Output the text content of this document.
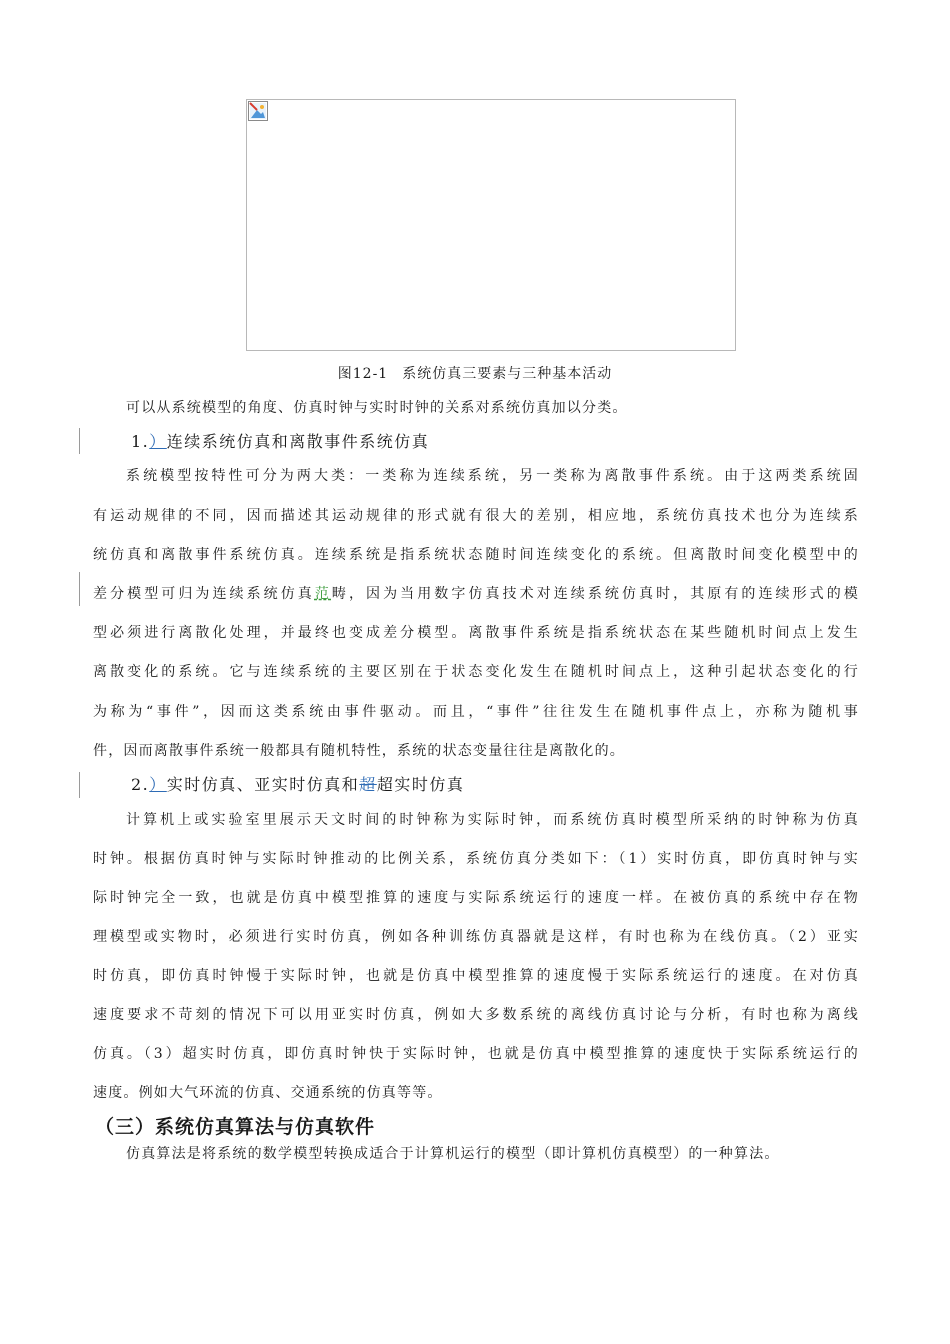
图12-1 系统仿真三要素与三种基本活动
可以从系统模型的角度、仿真时钟与实时时钟的关系对系统仿真加以分类。
1.）连续系统仿真和离散事件系统仿真
系统模型按特性可分为两大类：一类称为连续系统，另一类称为离散事件系统。由于这两类系统固
有运动规律的不同，因而描述其运动规律的形式就有很大的差别，相应地，系统仿真技术也分为连续系
统仿真和离散事件系统仿真。连续系统是指系统状态随时间连续变化的系统。但离散时间变化模型中的
差分模型可归为连续系统仿真范畴，因为当用数字仿真技术对连续系统仿真时，其原有的连续形式的模
型必须进行离散化处理，并最终也变成差分模型。离散事件系统是指系统状态在某些随机时间点上发生
离散变化的系统。它与连续系统的主要区别在于状态变化发生在随机时间点上，这种引起状态变化的行
为称为“事件”，因而这类系统由事件驱动。而且，“事件”往往发生在随机事件点上，亦称为随机事
件，因而离散事件系统一般都具有随机特性，系统的状态变量往往是离散化的。
2.）实时仿真、亚实时仿真和超超实时仿真
计算机上或实验室里展示天文时间的时钟称为实际时钟，而系统仿真时模型所采纳的时钟称为仿真
时钟。根据仿真时钟与实际时钟推动的比例关系，系统仿真分类如下：（1）实时仿真，即仿真时钟与实
际时钟完全一致，也就是仿真中模型推算的速度与实际系统运行的速度一样。在被仿真的系统中存在物
理模型或实物时，必须进行实时仿真，例如各种训练仿真器就是这样，有时也称为在线仿真。（2）亚实
时仿真，即仿真时钟慢于实际时钟，也就是仿真中模型推算的速度慢于实际系统运行的速度。在对仿真
速度要求不苛刻的情况下可以用亚实时仿真，例如大多数系统的离线仿真讨论与分析，有时也称为离线
仿真。（3）超实时仿真，即仿真时钟快于实际时钟，也就是仿真中模型推算的速度快于实际系统运行的
速度。例如大气环流的仿真、交通系统的仿真等等。
（三）系统仿真算法与仿真软件
仿真算法是将系统的数学模型转换成适合于计算机运行的模型（即计算机仿真模型）的一种算法。
